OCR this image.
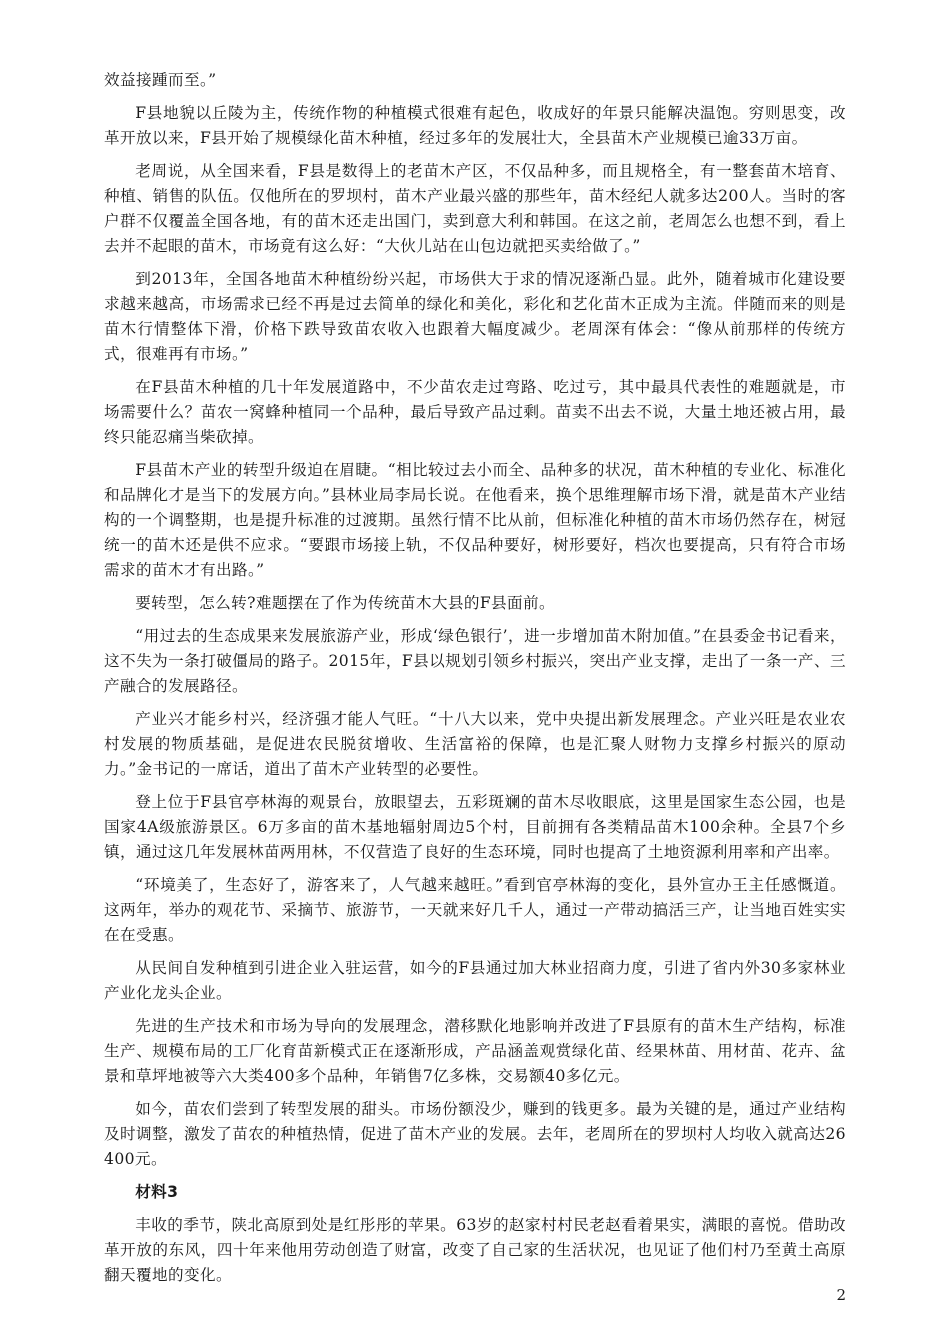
效益接踵而至。”

F县地貌以丘陵为主，传统作物的种植模式很难有起色，收成好的年景只能解决温饱。穷则思变，改革开放以来，F县开始了规模绿化苗木种植，经过多年的发展壮大，全县苗木产业规模已逾33万亩。

老周说，从全国来看，F县是数得上的老苗木产区，不仅品种多，而且规格全，有一整套苗木培育、种植、销售的队伍。仅他所在的罗坝村，苗木产业最兴盛的那些年，苗木经纪人就多达200人。当时的客户群不仅覆盖全国各地，有的苗木还走出国门，卖到意大利和韩国。在这之前，老周怎么也想不到，看上去并不起眼的苗木，市场竟有这么好：“大伙儿站在山包边就把买卖给做了。”

到2013年，全国各地苗木种植纷纷兴起，市场供大于求的情况逐渐凸显。此外，随着城市化建设要求越来越高，市场需求已经不再是过去简单的绿化和美化，彩化和艺化苗木正成为主流。伴随而来的则是苗木行情整体下滑，价格下跌导致苗农收入也跟着大幅度减少。老周深有体会：“像从前那样的传统方式，很难再有市场。”

在F县苗木种植的几十年发展道路中，不少苗农走过弯路、吃过亏，其中最具代表性的难题就是，市场需要什么？苗农一窝蜂种植同一个品种，最后导致产品过剩。苗卖不出去不说，大量土地还被占用，最终只能忍痛当柴砍掉。

F县苗木产业的转型升级迫在眉睫。“相比较过去小而全、品种多的状况，苗木种植的专业化、标准化和品牌化才是当下的发展方向。”县林业局李局长说。在他看来，换个思维理解市场下滑，就是苗木产业结构的一个调整期，也是提升标准的过渡期。虽然行情不比从前，但标准化种植的苗木市场仍然存在，树冠统一的苗木还是供不应求。“要跟市场接上轨，不仅品种要好，树形要好，档次也要提高，只有符合市场需求的苗木才有出路。”

要转型，怎么转?难题摆在了作为传统苗木大县的F县面前。

“用过去的生态成果来发展旅游产业，形成‘绿色银行’，进一步增加苗木附加值。”在县委金书记看来，这不失为一条打破僵局的路子。2015年，F县以规划引领乡村振兴，突出产业支撑，走出了一条一产、三产融合的发展路径。

产业兴才能乡村兴，经济强才能人气旺。“十八大以来，党中央提出新发展理念。产业兴旺是农业农村发展的物质基础，是促进农民脱贫增收、生活富裕的保障，也是汇聚人财物力支撑乡村振兴的原动力。”金书记的一席话，道出了苗木产业转型的必要性。

登上位于F县官亭林海的观景台，放眼望去，五彩斑斓的苗木尽收眼底，这里是国家生态公园，也是国家4A级旅游景区。6万多亩的苗木基地辐射周边5个村，目前拥有各类精品苗木100余种。全县7个乡镇，通过这几年发展林苗两用林，不仅营造了良好的生态环境，同时也提高了土地资源利用率和产出率。

“环境美了，生态好了，游客来了，人气越来越旺。”看到官亭林海的变化，县外宣办王主任感慨道。这两年，举办的观花节、采摘节、旅游节，一天就来好几千人，通过一产带动搞活三产，让当地百姓实实在在受惠。

从民间自发种植到引进企业入驻运营，如今的F县通过加大林业招商力度，引进了省内外30多家林业产业化龙头企业。

先进的生产技术和市场为导向的发展理念，潜移默化地影响并改进了F县原有的苗木生产结构，标准生产、规模布局的工厂化育苗新模式正在逐渐形成，产品涵盖观赏绿化苗、经果林苗、用材苗、花卉、盆景和草坪地被等六大类400多个品种，年销售7亿多株，交易额40多亿元。

如今，苗农们尝到了转型发展的甜头。市场份额没少，赚到的钱更多。最为关键的是，通过产业结构及时调整，激发了苗农的种植热情，促进了苗木产业的发展。去年，老周所在的罗坝村人均收入就高达26400元。

材料3

丰收的季节，陕北高原到处是红彤彤的苹果。63岁的赵家村村民老赵看着果实，满眼的喜悦。借助改革开放的东风，四十年来他用劳动创造了财富，改变了自己家的生活状况，也见证了他们村乃至黄土高原翻天覆地的变化。

2
